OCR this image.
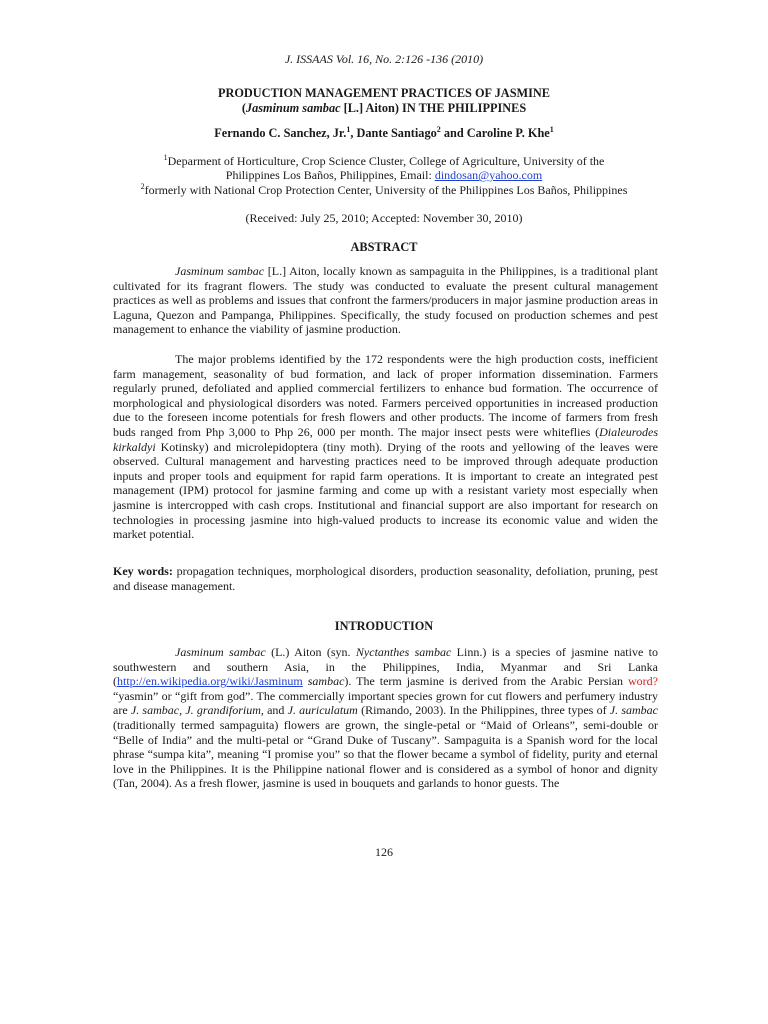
J. ISSAAS Vol. 16, No. 2:126 -136 (2010)
PRODUCTION MANAGEMENT PRACTICES OF JASMINE
(Jasminum sambac [L.] Aiton) IN THE PHILIPPINES
Fernando C. Sanchez, Jr.$^1$, Dante Santiago$^2$ and Caroline P. Khe$^1$
$^1$Deparment of Horticulture, Crop Science Cluster, College of Agriculture, University of the
Philippines Los Baños, Philippines, Email: dindosan@yahoo.com
$^2$formerly with National Crop Protection Center, University of the Philippines Los Baños, Philippines
(Received: July 25, 2010; Accepted: November 30, 2010)
ABSTRACT

Jasminum sambac [L.] Aiton, locally known as sampaguita in the Philippines, is a traditional plant cultivated for its fragrant flowers. The study was conducted to evaluate the present cultural management practices as well as problems and issues that confront the farmers/producers in major jasmine production areas in Laguna, Quezon and Pampanga, Philippines. Specifically, the study focused on production schemes and pest management to enhance the viability of jasmine production.

The major problems identified by the 172 respondents were the high production costs, inefficient farm management, seasonality of bud formation, and lack of proper information dissemination. Farmers regularly pruned, defoliated and applied commercial fertilizers to enhance bud formation. The occurrence of morphological and physiological disorders was noted. Farmers perceived opportunities in increased production due to the foreseen income potentials for fresh flowers and other products. The income of farmers from fresh buds ranged from Php 3,000 to Php 26, 000 per month. The major insect pests were whiteflies (Dialeurodes kirkaldyi Kotinsky) and microlepidoptera (tiny moth). Drying of the roots and yellowing of the leaves were observed. Cultural management and harvesting practices need to be improved through adequate production inputs and proper tools and equipment for rapid farm operations. It is important to create an integrated pest management (IPM) protocol for jasmine farming and come up with a resistant variety most especially when jasmine is intercropped with cash crops. Institutional and financial support are also important for research on technologies in processing jasmine into high-valued products to increase its economic value and widen the market potential.

Key words: propagation techniques, morphological disorders, production seasonality, defoliation, pruning, pest and disease management.

INTRODUCTION

Jasminum sambac (L.) Aiton (syn. Nyctanthes sambac Linn.) is a species of jasmine native to southwestern and southern Asia, in the Philippines, India, Myanmar and Sri Lanka (http://en.wikipedia.org/wiki/Jasminum sambac). The term jasmine is derived from the Arabic Persian word? “yasmin” or “gift from god”. The commercially important species grown for cut flowers and perfumery industry are J. sambac, J. grandiforium, and J. auriculatum (Rimando, 2003). In the Philippines, three types of J. sambac (traditionally termed sampaguita) flowers are grown, the single-petal or “Maid of Orleans”, semi-double or “Belle of India” and the multi-petal or “Grand Duke of Tuscany”. Sampaguita is a Spanish word for the local phrase “sumpa kita”, meaning “I promise you” so that the flower became a symbol of fidelity, purity and eternal love in the Philippines. It is the Philippine national flower and is considered as a symbol of honor and dignity (Tan, 2004). As a fresh flower, jasmine is used in bouquets and garlands to honor guests. The

126
